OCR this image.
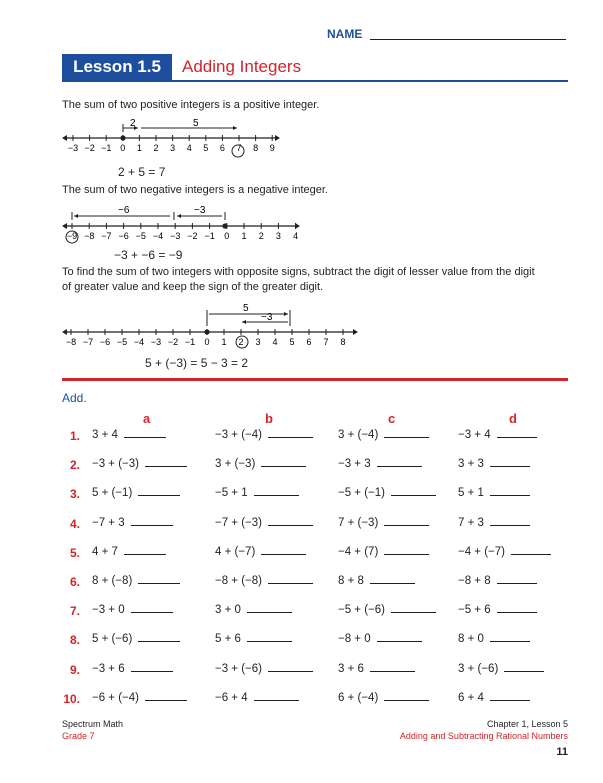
NAME
Lesson 1.5	Adding Integers
The sum of two positive integers is a positive integer.
−3 −2 −1 0 1 2 3 4 5 6 7 8 9
2	5
2 + 5 = 7
The sum of two negative integers is a negative integer.
−9 −8 −7 −6 −5 −4 −3 −2 −1 0 1 2 3 4
−6	−3
−3 + −6 = −9
To find the sum of two integers with opposite signs, subtract the digit of lesser value from the digit
of greater value and keep the sign of the greater digit.
−8 −7 −6 −5 −4 −3 −2 −1 0 1 2 3 4 5 6 7 8
5
−3
5 + (−3) = 5 − 3 = 2
Add.
a	b	c	d
1. 3 + 4	−3 + (−4)	3 + (−4)	−3 + 4
2. −3 + (−3)	3 + (−3)	−3 + 3	3 + 3
3. 5 + (−1)	−5 + 1	−5 + (−1)	5 + 1
4. −7 + 3	−7 + (−3)	7 + (−3)	7 + 3
5. 4 + 7	4 + (−7)	−4 + (7)	−4 + (−7)
6. 8 + (−8)	−8 + (−8)	8 + 8	−8 + 8
7. −3 + 0	3 + 0	−5 + (−6)	−5 + 6
8. 5 + (−6)	5 + 6	−8 + 0	8 + 0
9. −3 + 6	−3 + (−6)	3 + 6	3 + (−6)
10. −6 + (−4)	−6 + 4	6 + (−4)	6 + 4
Spectrum Math
Grade 7
Chapter 1, Lesson 5
Adding and Subtracting Rational Numbers
11
